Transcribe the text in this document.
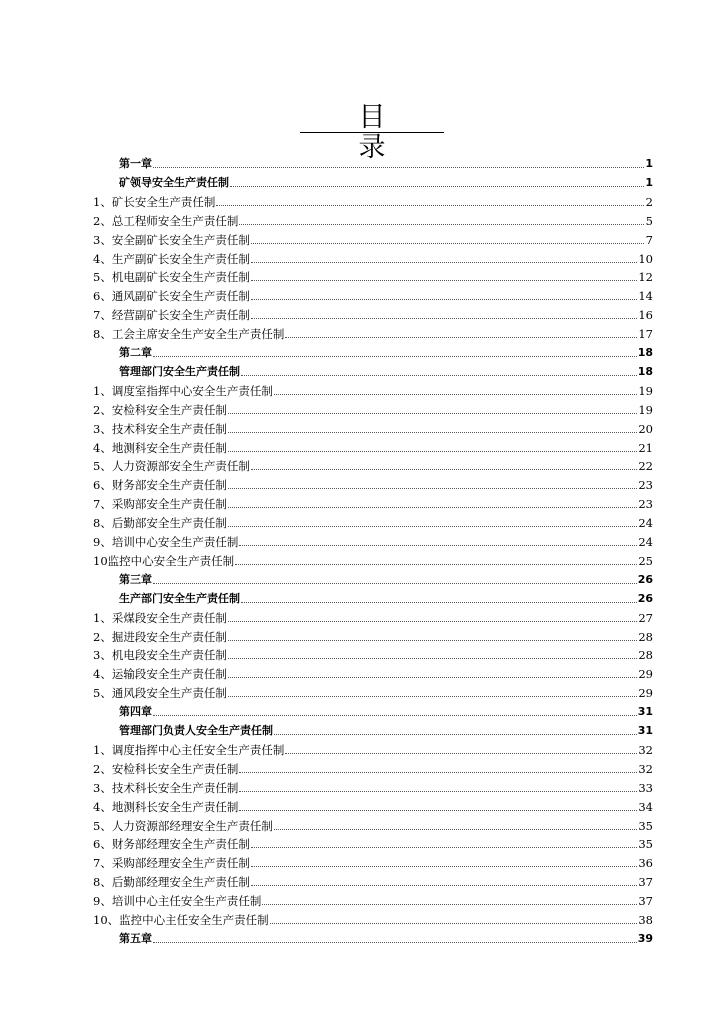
目 录
第一章	1
矿领导安全生产责任制	1
1、 矿长安全生产责任制	2
2、 总工程师安全生产责任制	5
3、 安全副矿长安全生产责任制	7
4、 生产副矿长安全生产责任制	10
5、 机电副矿长安全生产责任制	12
6、 通风副矿长安全生产责任制	14
7、 经营副矿长安全生产责任制	16
8、 工会主席安全生产安全生产责任制	17
第二章	18
管理部门安全生产责任制	18
1、 调度室指挥中心安全生产责任制	19
2、 安检科安全生产责任制	19
3、 技术科安全生产责任制	20
4、 地测科安全生产责任制	21
5、 人力资源部安全生产责任制	22
6、 财务部安全生产责任制	23
7、 采购部安全生产责任制	23
8、 后勤部安全生产责任制	24
9、 培训中心安全生产责任制	24
10 监控中心安全生产责任制	25
第三章	26
生产部门安全生产责任制	26
1、 采煤段安全生产责任制	27
2、 掘进段安全生产责任制	28
3、 机电段安全生产责任制	28
4、 运输段安全生产责任制	29
5、 通风段安全生产责任制	29
第四章	31
管理部门负责人安全生产责任制	31
1、 调度指挥中心主任安全生产责任制	32
2、 安检科长安全生产责任制	32
3、 技术科长安全生产责任制	33
4、 地测科长安全生产责任制	34
5、 人力资源部经理安全生产责任制	35
6、 财务部经理安全生产责任制	35
7、 采购部经理安全生产责任制	36
8、 后勤部经理安全生产责任制	37
9、 培训中心主任安全生产责任制	37
10、 监控中心主任安全生产责任制	38
第五章	39
